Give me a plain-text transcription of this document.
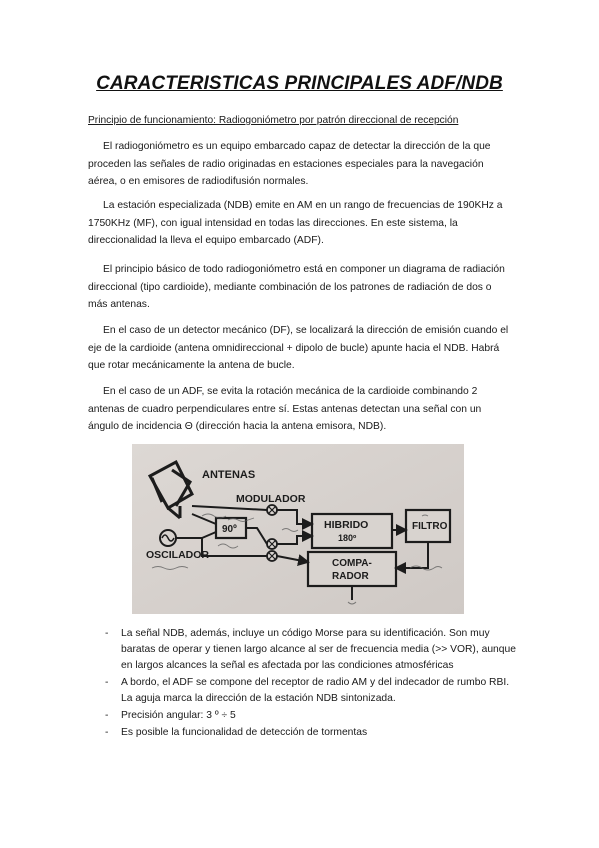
CARACTERISTICAS PRINCIPALES ADF/NDB

Principio de funcionamiento: Radiogoniómetro por patrón direccional de recepción

El radiogoniómetro es un equipo embarcado capaz de detectar la dirección de la que proceden las señales de radio originadas en estaciones especiales para la navegación aérea, o en emisores de radiodifusión normales.

La estación especializada (NDB) emite en AM en un rango de frecuencias de 190KHz a 1750KHz (MF), con igual intensidad en todas las direcciones. En este sistema, la direccionalidad la lleva el equipo embarcado (ADF).

El principio básico de todo radiogoniómetro está en componer un diagrama de radiación direccional (tipo cardioide), mediante combinación de los patrones de radiación de dos o más antenas.

En el caso de un detector mecánico (DF), se localizará la dirección de emisión cuando el eje de la cardioide (antena omnidireccional + dipolo de bucle) apunte hacia el NDB. Habrá que rotar mecánicamente la antena de bucle.

En el caso de un ADF, se evita la rotación mecánica de la cardioide combinando 2 antenas de cuadro perpendiculares entre sí. Estas antenas detectan una señal con un ángulo de incidencia Θ (dirección hacia la antena emisora, NDB).

ANTENAS
MODULADOR
90º	HIBRIDO
180º
FILTRO
COMPA-
RADOR
OSCILADOR
- La señal NDB, además, incluye un código Morse para su identificación. Son muy baratas de operar y tienen largo alcance al ser de frecuencia media (>> VOR), aunque en largos alcances la señal es afectada por las condiciones atmosféricas
- A bordo, el ADF se compone del receptor de radio AM y del indecador de rumbo RBI. La aguja marca la dirección de la estación NDB sintonizada.
- Precisión angular: 3 º ÷ 5
- Es posible la funcionalidad de detección de tormentas
